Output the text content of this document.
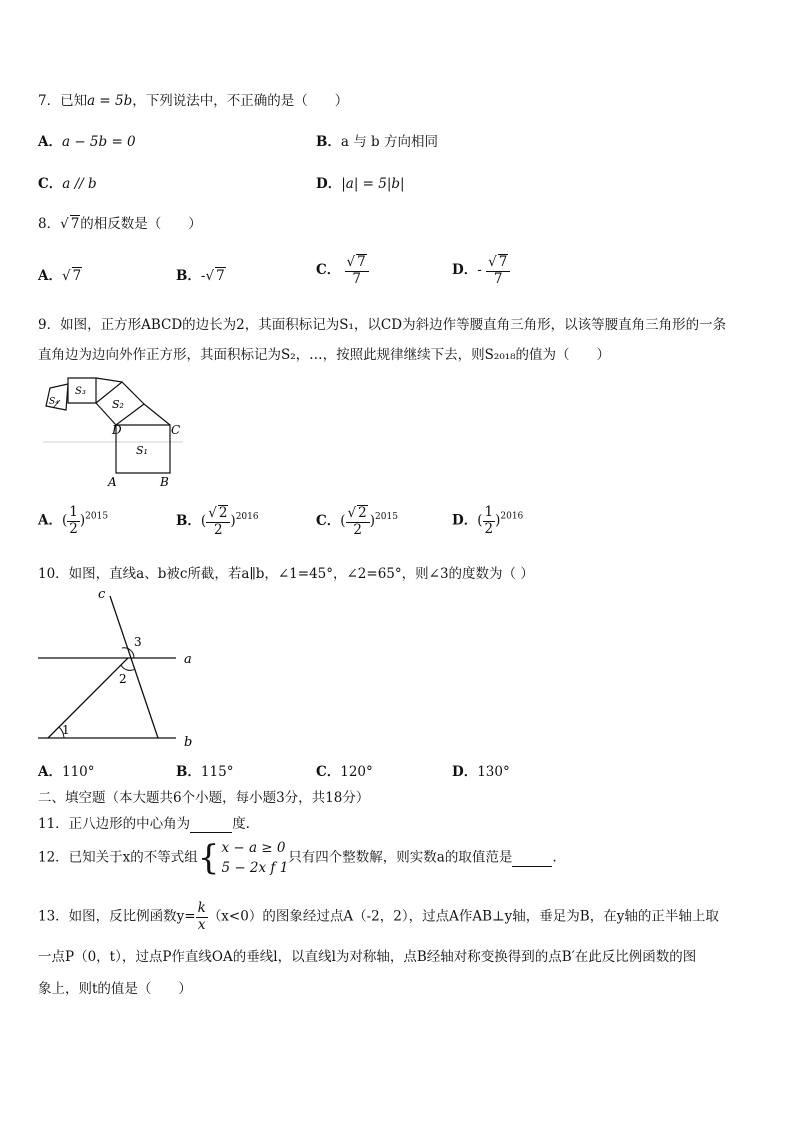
7．已知a = 5b，下列说法中，不正确的是（　　）
A．a − 5b = 0	B．a 与 b 方向相同
C．a // b	D．|a| = 5|b|
8．√ 7的相反数是（　　）
A．√ 7	B．-√ 7	C． $\frac{√ 7}{7}$	D．- $\frac{√ 7}{7}$
9．如图，正方形ABCD的边长为2，其面积标记为S₁，以CD为斜边作等腰直角三角形，以该等腰直角三角形的一条
直角边为边向外作正方形，其面积标记为S₂，…，按照此规律继续下去，则S₂₀₁₈的值为（　　）
D	C
A	B
S₁
S₂
S₃
S₄
A．( $\frac{1}{2} )^{2015}$	B．( $\frac{√ 2}{2} )^{2016}$	C．( $\frac{√ 2}{2} )^{2015}$	D．( $\frac{1}{2} )^{2016}$
10．如图，直线a、b被c所截，若a∥b，∠1=45°，∠2=65°，则∠3的度数为（ ）
c
a
b
1
2
3
A．110°	B．115°	C．120°	D．130°
二、填空题（本大题共6个小题，每小题3分，共18分）
11．正八边形的中心角为	度.
12．已知关于x的不等式组{ x − a ≥ 0
5 − 2x f 1
只有四个整数解，则实数a的取值范是	.
13．如图，反比例函数$y= \frac{k}{x} (x<0)$的图象经过点A（-2，2），过点A作AB⊥y轴，垂足为B，在y轴的正半轴上取
一点P（0，t），过点P作直线OA的垂线l，以直线l为对称轴，点B经轴对称变换得到的点B′在此反比例函数的图
象上，则t的值是（　　）
